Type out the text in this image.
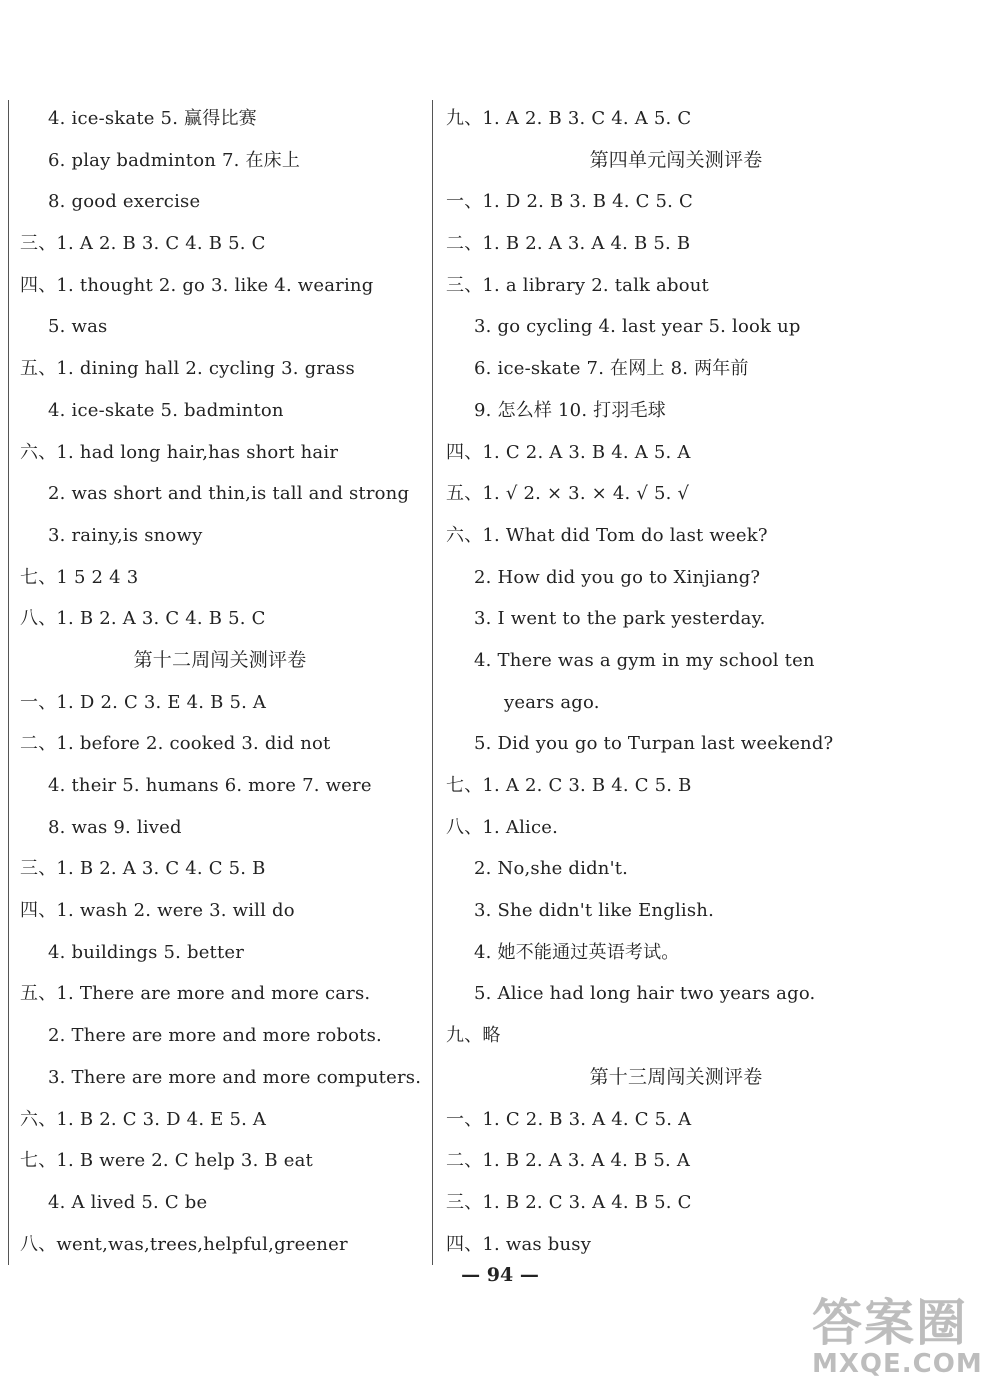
4. ice-skate 5. 赢得比赛
6. play badminton 7. 在床上
8. good exercise
三、1. A 2. B 3. C 4. B 5. C
四、1. thought 2. go 3. like 4. wearing
5. was
五、1. dining hall 2. cycling 3. grass
4. ice-skate 5. badminton
六、1. had long hair,has short hair
2. was short and thin,is tall and strong
3. rainy,is snowy
七、1 5 2 4 3
八、1. B 2. A 3. C 4. B 5. C
第十二周闯关测评卷
一、1. D 2. C 3. E 4. B 5. A
二、1. before 2. cooked 3. did not
4. their 5. humans 6. more 7. were
8. was 9. lived
三、1. B 2. A 3. C 4. C 5. B
四、1. wash 2. were 3. will do
4. buildings 5. better
五、1. There are more and more cars.
2. There are more and more robots.
3. There are more and more computers.
六、1. B 2. C 3. D 4. E 5. A
七、1. B were 2. C help 3. B eat
4. A lived 5. C be
八、went,was,trees,helpful,greener
九、1. A 2. B 3. C 4. A 5. C
第四单元闯关测评卷
一、1. D 2. B 3. B 4. C 5. C
二、1. B 2. A 3. A 4. B 5. B
三、1. a library 2. talk about
3. go cycling 4. last year 5. look up
6. ice-skate 7. 在网上 8. 两年前
9. 怎么样 10. 打羽毛球
四、1. C 2. A 3. B 4. A 5. A
五、1. √ 2. × 3. × 4. √ 5. √
六、1. What did Tom do last week?
2. How did you go to Xinjiang?
3. I went to the park yesterday.
4. There was a gym in my school ten
years ago.
5. Did you go to Turpan last weekend?
七、1. A 2. C 3. B 4. C 5. B
八、1. Alice.
2. No,she didn't.
3. She didn't like English.
4. 她不能通过英语考试。
5. Alice had long hair two years ago.
九、略
第十三周闯关测评卷
一、1. C 2. B 3. A 4. C 5. A
二、1. B 2. A 3. A 4. B 5. A
三、1. B 2. C 3. A 4. B 5. C
四、1. was busy
— 94 —
答案圈
MXQE.COM
